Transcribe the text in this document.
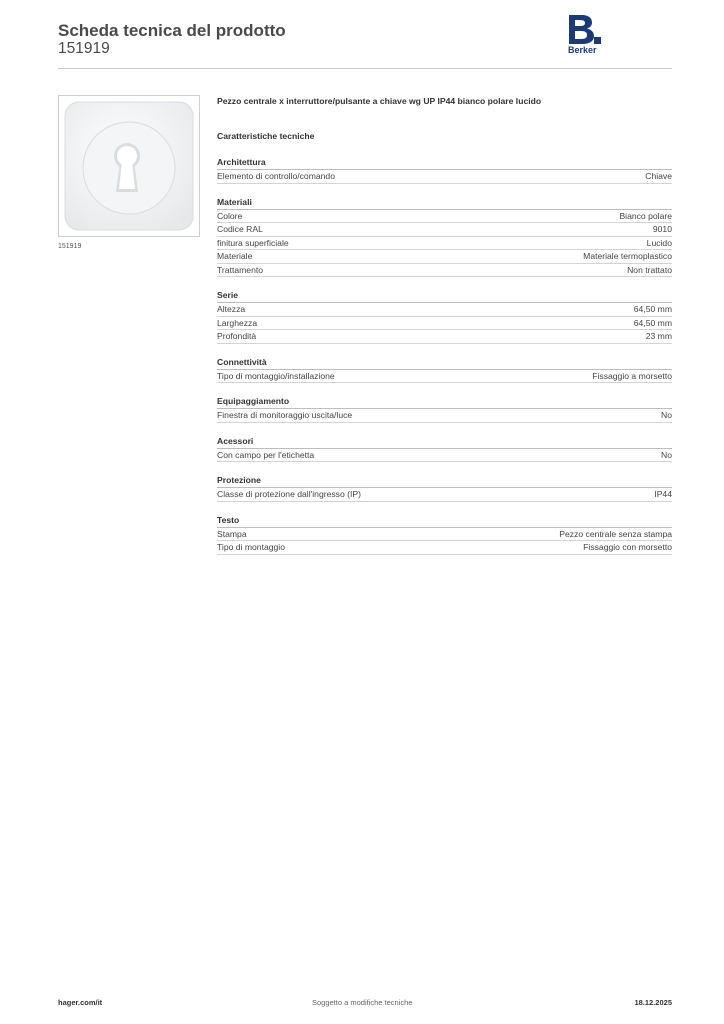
Scheda tecnica del prodotto
151919	Berker
151919
Pezzo centrale x interruttore/pulsante a chiave wg UP IP44 bianco polare lucido
Caratteristiche tecniche
Architettura
Elemento di controllo/comando	Chiave
Materiali
Colore	Bianco polare
Codice RAL	9010
finitura superficiale	Lucido
Materiale	Materiale termoplastico
Trattamento	Non trattato
Serie
Altezza	64,50 mm
Larghezza	64,50 mm
Profondità	23 mm
Connettività
Tipo di montaggio/installazione	Fissaggio a morsetto
Equipaggiamento
Finestra di monitoraggio uscita/luce	No
Acessori
Con campo per l'etichetta	No
Protezione
Classe di protezione dall'ingresso (IP)	IP44
Testo
Stampa	Pezzo centrale senza stampa
Tipo di montaggio	Fissaggio con morsetto
hager.com/it	Soggetto a modifiche tecniche	18.12.2025
